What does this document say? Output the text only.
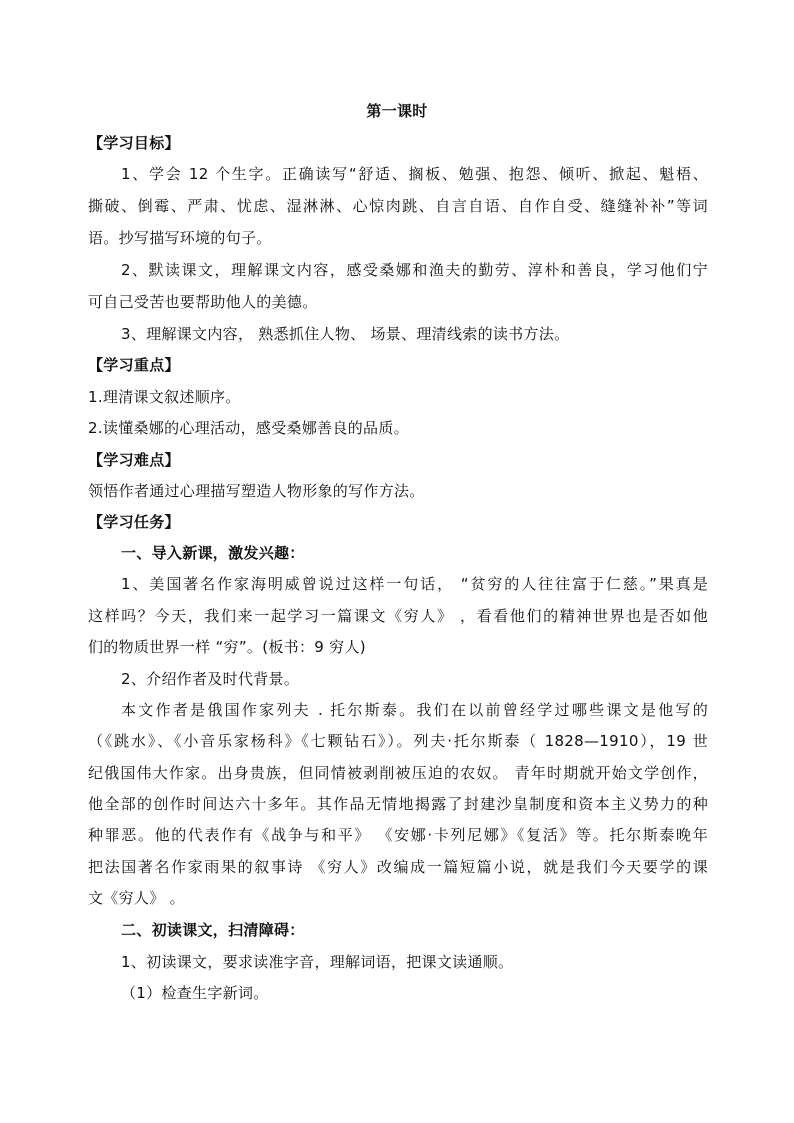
第一课时
【学习目标】
1、学会 12 个生字。正确读写“舒适、搁板、勉强、抱怨、倾听、掀起、魁梧、
撕破、倒霉、严肃、忧虑、湿淋淋、心惊肉跳、自言自语、自作自受、缝缝补补”等词
语。抄写描写环境的句子。
2、默读课文，理解课文内容，感受桑娜和渔夫的勤劳、淳朴和善良，学习他们宁
可自己受苦也要帮助他人的美德。
3、理解课文内容， 熟悉抓住人物、 场景、理清线索的读书方法。
【学习重点】
1.理清课文叙述顺序。
2.读懂桑娜的心理活动，感受桑娜善良的品质。
【学习难点】
领悟作者通过心理描写塑造人物形象的写作方法。
【学习任务】
一、导入新课，激发兴趣：
1、美国著名作家海明威曾说过这样一句话， “贫穷的人往往富于仁慈。”果真是
这样吗？今天，我们来一起学习一篇课文《穷人》 ，看看他们的精神世界也是否如他
们的物质世界一样 “穷”。(板书：9 穷人)
2、介绍作者及时代背景。
本文作者是俄国作家列夫 . 托尔斯泰。我们在以前曾经学过哪些课文是他写的
（《跳水》、《小音乐家杨科》《七颗钻石》）。列夫·托尔斯泰（ 1828—1910），19 世
纪俄国伟大作家。出身贵族，但同情被剥削被压迫的农奴。 青年时期就开始文学创作，
他全部的创作时间达六十多年。其作品无情地揭露了封建沙皇制度和资本主义势力的种
种罪恶。他的代表作有《战争与和平》 《安娜·卡列尼娜》《复活》等。托尔斯泰晚年
把法国著名作家雨果的叙事诗 《穷人》改编成一篇短篇小说，就是我们今天要学的课
文《穷人》 。
二、初读课文，扫清障碍：
1、初读课文，要求读准字音，理解词语，把课文读通顺。
（1）检查生字新词。
